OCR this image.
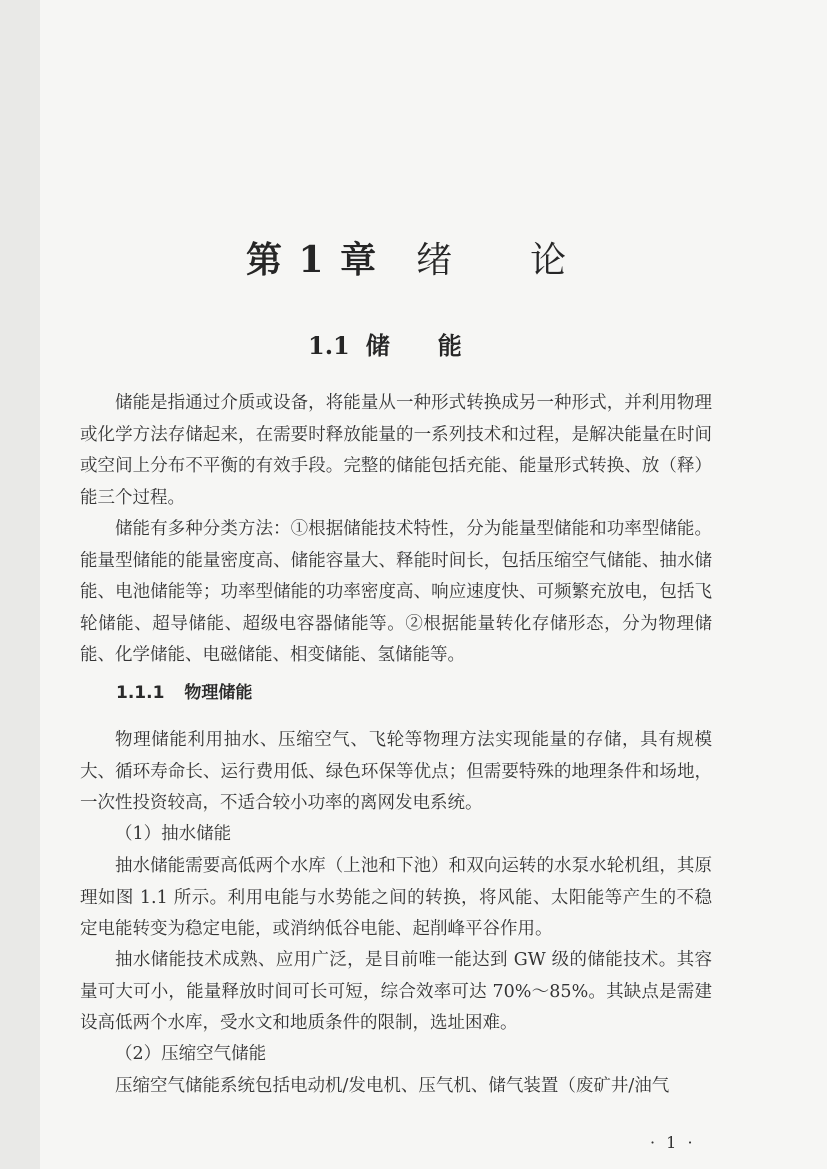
第 1 章　 绪　　论
1.1 储　　能

储能是指通过介质或设备，将能量从一种形式转换成另一种形式，并利用物理或化学方法存储起来，在需要时释放能量的一系列技术和过程，是解决能量在时间或空间上分布不平衡的有效手段。完整的储能包括充能、能量形式转换、放（释）能三个过程。

储能有多种分类方法：①根据储能技术特性，分为能量型储能和功率型储能。能量型储能的能量密度高、储能容量大、释能时间长，包括压缩空气储能、抽水储能、电池储能等；功率型储能的功率密度高、响应速度快、可频繁充放电，包括飞轮储能、超导储能、超级电容器储能等。②根据能量转化存储形态，分为物理储能、化学储能、电磁储能、相变储能、氢储能等。

1.1.1 物理储能

物理储能利用抽水、压缩空气、飞轮等物理方法实现能量的存储，具有规模大、循环寿命长、运行费用低、绿色环保等优点；但需要特殊的地理条件和场地，一次性投资较高，不适合较小功率的离网发电系统。

（1）抽水储能

抽水储能需要高低两个水库（上池和下池）和双向运转的水泵水轮机组，其原理如图 1.1 所示。利用电能与水势能之间的转换，将风能、太阳能等产生的不稳定电能转变为稳定电能，或消纳低谷电能、起削峰平谷作用。

抽水储能技术成熟、应用广泛，是目前唯一能达到 GW 级的储能技术。其容量可大可小，能量释放时间可长可短，综合效率可达 70%～85%。其缺点是需建设高低两个水库，受水文和地质条件的限制，选址困难。

（2）压缩空气储能

压缩空气储能系统包括电动机/发电机、压气机、储气装置（废矿井/油气

· 1 ·
